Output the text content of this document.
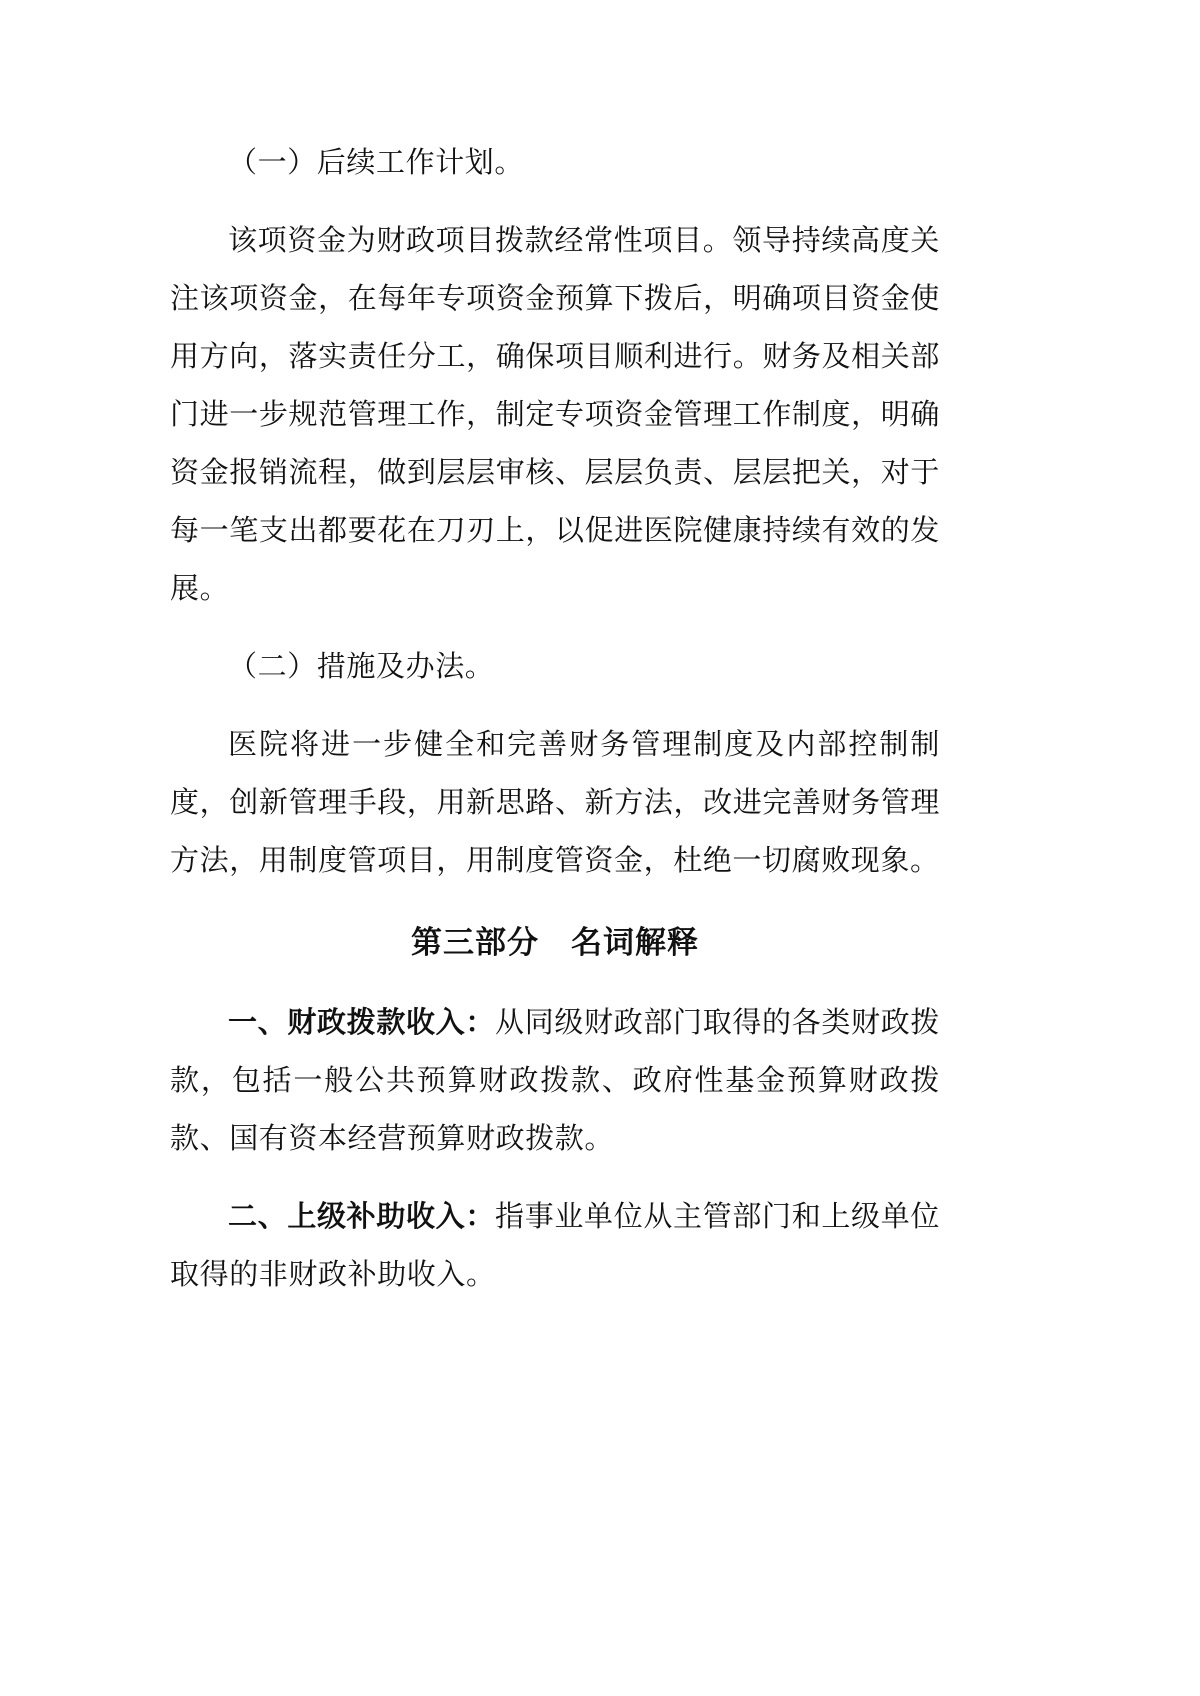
（一）后续工作计划。

该项资金为财政项目拨款经常性项目。领导持续高度关注该项资金，在每年专项资金预算下拨后，明确项目资金使用方向，落实责任分工，确保项目顺利进行。财务及相关部门进一步规范管理工作，制定专项资金管理工作制度，明确资金报销流程，做到层层审核、层层负责、层层把关，对于每一笔支出都要花在刀刃上，以促进医院健康持续有效的发展。

（二）措施及办法。

医院将进一步健全和完善财务管理制度及内部控制制度，创新管理手段，用新思路、新方法，改进完善财务管理方法，用制度管项目，用制度管资金，杜绝一切腐败现象。

第三部分　名词解释

一、财政拨款收入：从同级财政部门取得的各类财政拨款，包括一般公共预算财政拨款、政府性基金预算财政拨款、国有资本经营预算财政拨款。

二、上级补助收入：指事业单位从主管部门和上级单位取得的非财政补助收入。
